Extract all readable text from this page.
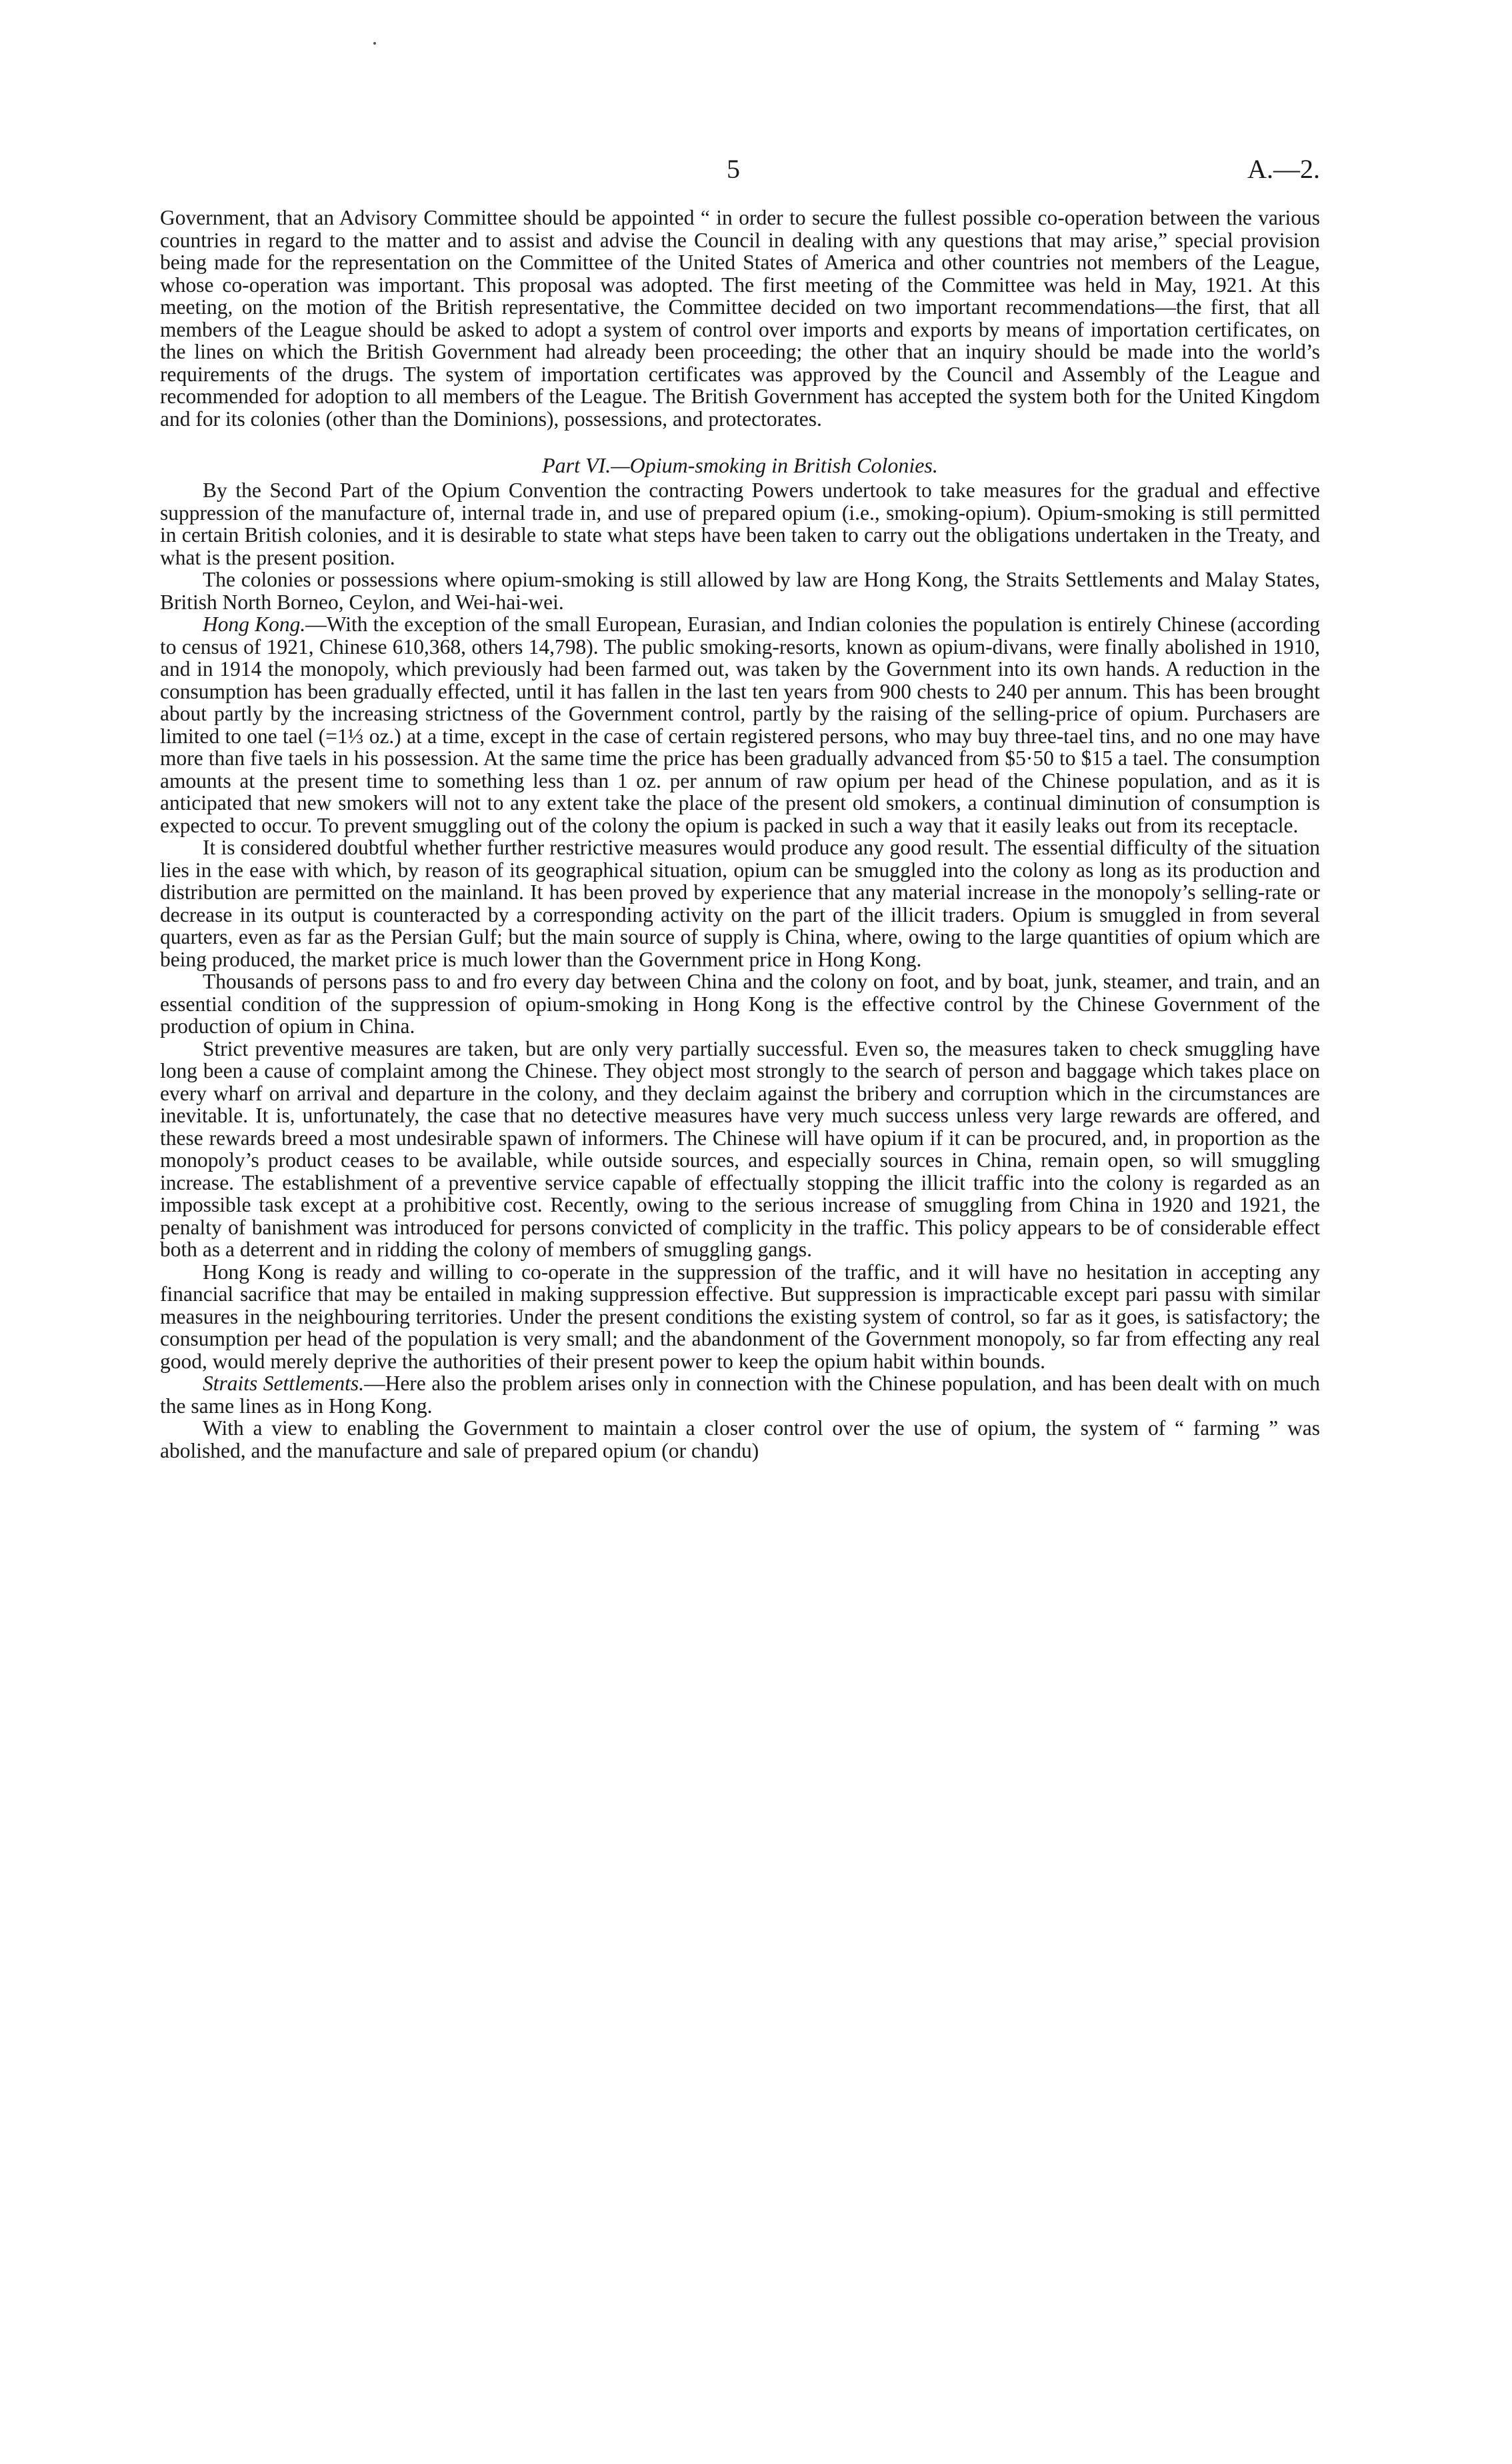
5	A.—2.

Government, that an Advisory Committee should be appointed “ in order to secure the fullest possible co-operation between the various countries in regard to the matter and to assist and advise the Council in dealing with any questions that may arise,” special provision being made for the representation on the Committee of the United States of America and other countries not members of the League, whose co-operation was important. This proposal was adopted. The first meeting of the Committee was held in May, 1921. At this meeting, on the motion of the British representative, the Committee decided on two important recommendations—the first, that all members of the League should be asked to adopt a system of control over imports and exports by means of importation certificates, on the lines on which the British Government had already been proceeding; the other that an inquiry should be made into the world’s requirements of the drugs. The system of importation certificates was approved by the Council and Assembly of the League and recommended for adoption to all members of the League. The British Government has accepted the system both for the United Kingdom and for its colonies (other than the Dominions), possessions, and protectorates.

Part VI.—Opium-smoking in British Colonies.

By the Second Part of the Opium Convention the contracting Powers undertook to take measures for the gradual and effective suppression of the manufacture of, internal trade in, and use of prepared opium (i.e., smoking-opium). Opium-smoking is still permitted in certain British colonies, and it is desirable to state what steps have been taken to carry out the obligations undertaken in the Treaty, and what is the present position.

The colonies or possessions where opium-smoking is still allowed by law are Hong Kong, the Straits Settlements and Malay States, British North Borneo, Ceylon, and Wei-hai-wei.

Hong Kong.—With the exception of the small European, Eurasian, and Indian colonies the population is entirely Chinese (according to census of 1921, Chinese 610,368, others 14,798). The public smoking-resorts, known as opium-divans, were finally abolished in 1910, and in 1914 the monopoly, which previously had been farmed out, was taken by the Government into its own hands. A reduction in the consumption has been gradually effected, until it has fallen in the last ten years from 900 chests to 240 per annum. This has been brought about partly by the increasing strictness of the Government control, partly by the raising of the selling-price of opium. Purchasers are limited to one tael (=1⅓ oz.) at a time, except in the case of certain registered persons, who may buy three-tael tins, and no one may have more than five taels in his possession. At the same time the price has been gradually advanced from $5·50 to $15 a tael. The consumption amounts at the present time to something less than 1 oz. per annum of raw opium per head of the Chinese population, and as it is anticipated that new smokers will not to any extent take the place of the present old smokers, a continual diminution of consumption is expected to occur. To prevent smuggling out of the colony the opium is packed in such a way that it easily leaks out from its receptacle.

It is considered doubtful whether further restrictive measures would produce any good result. The essential difficulty of the situation lies in the ease with which, by reason of its geographical situation, opium can be smuggled into the colony as long as its production and distribution are permitted on the mainland. It has been proved by experience that any material increase in the monopoly’s selling-rate or decrease in its output is counteracted by a corresponding activity on the part of the illicit traders. Opium is smuggled in from several quarters, even as far as the Persian Gulf; but the main source of supply is China, where, owing to the large quantities of opium which are being produced, the market price is much lower than the Government price in Hong Kong.

Thousands of persons pass to and fro every day between China and the colony on foot, and by boat, junk, steamer, and train, and an essential condition of the suppression of opium-smoking in Hong Kong is the effective control by the Chinese Government of the production of opium in China.

Strict preventive measures are taken, but are only very partially successful. Even so, the measures taken to check smuggling have long been a cause of complaint among the Chinese. They object most strongly to the search of person and baggage which takes place on every wharf on arrival and departure in the colony, and they declaim against the bribery and corruption which in the circumstances are inevitable. It is, unfortunately, the case that no detective measures have very much success unless very large rewards are offered, and these rewards breed a most undesirable spawn of informers. The Chinese will have opium if it can be procured, and, in proportion as the monopoly’s product ceases to be available, while outside sources, and especially sources in China, remain open, so will smuggling increase. The establishment of a preventive service capable of effectually stopping the illicit traffic into the colony is regarded as an impossible task except at a prohibitive cost. Recently, owing to the serious increase of smuggling from China in 1920 and 1921, the penalty of banishment was introduced for persons convicted of complicity in the traffic. This policy appears to be of considerable effect both as a deterrent and in ridding the colony of members of smuggling gangs.

Hong Kong is ready and willing to co-operate in the suppression of the traffic, and it will have no hesitation in accepting any financial sacrifice that may be entailed in making suppression effective. But suppression is impracticable except pari passu with similar measures in the neighbouring territories. Under the present conditions the existing system of control, so far as it goes, is satisfactory; the consumption per head of the population is very small; and the abandonment of the Government monopoly, so far from effecting any real good, would merely deprive the authorities of their present power to keep the opium habit within bounds.

Straits Settlements.—Here also the problem arises only in connection with the Chinese population, and has been dealt with on much the same lines as in Hong Kong.

With a view to enabling the Government to maintain a closer control over the use of opium, the system of “ farming ” was abolished, and the manufacture and sale of prepared opium (or chandu)
